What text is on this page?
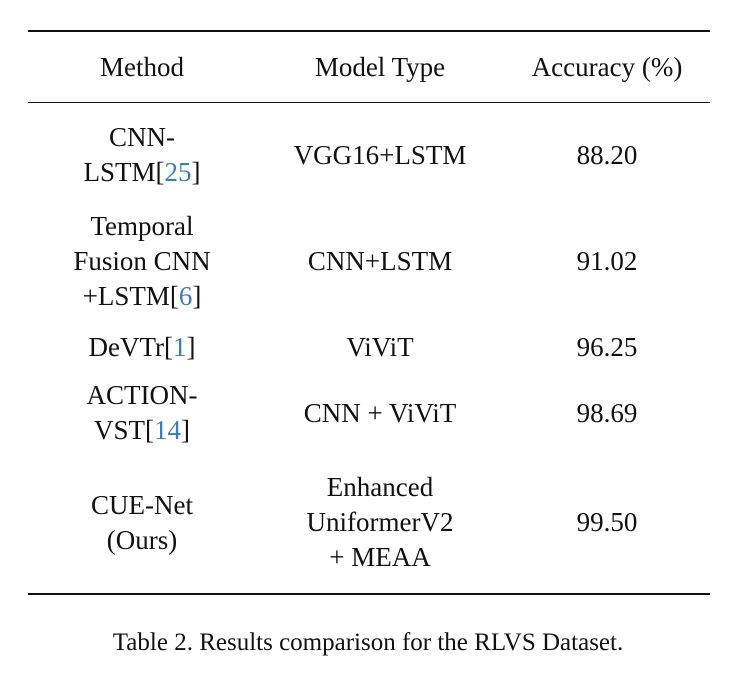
Method	Model Type	Accuracy (%)

CNN-
LSTM[25]	VGG16+LSTM	88.20

Temporal
Fusion CNN
+LSTM[6]	CNN+LSTM	91.02

DeVTr[1]	ViViT	96.25

ACTION-
VST[14]	CNN + ViViT	98.69

CUE-Net
(Ours)	Enhanced
UniformerV2
+ MEAA	99.50
Table 2. Results comparison for the RLVS Dataset.
